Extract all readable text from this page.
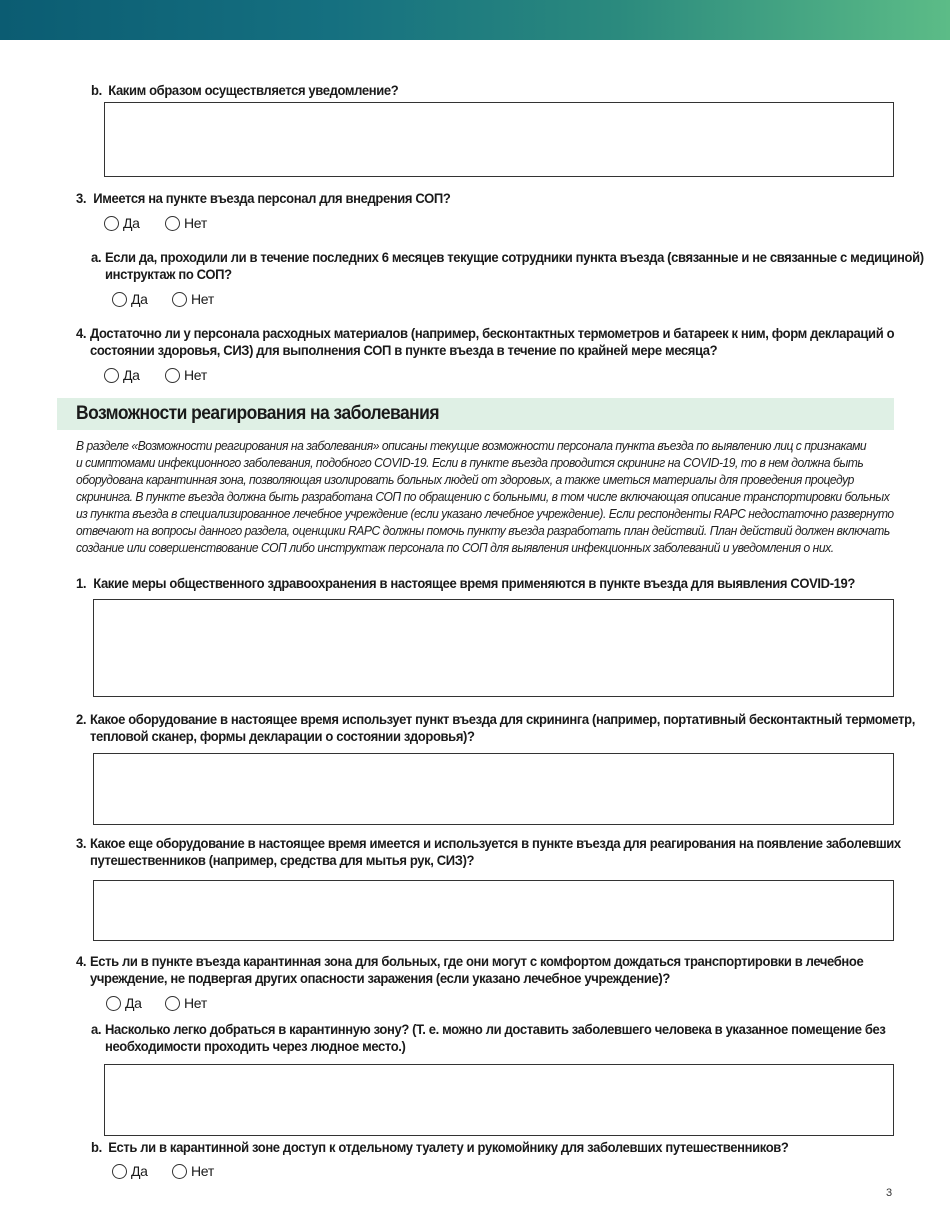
b. Каким образом осуществляется уведомление?
3. Имеется на пункте въезда персонал для внедрения СОП?
Да	Нет
a. Если да, проходили ли в течение последних 6 месяцев текущие сотрудники пункта въезда (связанные и не связанные с медициной)
инструктаж по СОП?
Да	Нет
4. Достаточно ли у персонала расходных материалов (например, бесконтактных термометров и батареек к ним, форм деклараций о
состоянии здоровья, СИЗ) для выполнения СОП в пункте въезда в течение по крайней мере месяца?
Да	Нет
Возможности реагирования на заболевания
В разделе «Возможности реагирования на заболевания» описаны текущие возможности персонала пункта въезда по выявлению лиц с признаками
и симптомами инфекционного заболевания, подобного COVID-19. Если в пункте въезда проводится скрининг на COVID-19, то в нем должна быть
оборудована карантинная зона, позволяющая изолировать больных людей от здоровых, а также иметься материалы для проведения процедур
скрининга. В пункте въезда должна быть разработана СОП по обращению с больными, в том числе включающая описание транспортировки больных
из пункта въезда в специализированное лечебное учреждение (если указано лечебное учреждение). Если респонденты RAPC недостаточно развернуто
отвечают на вопросы данного раздела, оценщики RAPC должны помочь пункту въезда разработать план действий. План действий должен включать
создание или совершенствование СОП либо инструктаж персонала по СОП для выявления инфекционных заболеваний и уведомления о них.
1. Какие меры общественного здравоохранения в настоящее время применяются в пункте въезда для выявления COVID-19?
2. Какое оборудование в настоящее время использует пункт въезда для скрининга (например, портативный бесконтактный термометр,
тепловой сканер, формы декларации о состоянии здоровья)?
3. Какое еще оборудование в настоящее время имеется и используется в пункте въезда для реагирования на появление заболевших
путешественников (например, средства для мытья рук, СИЗ)?
4. Есть ли в пункте въезда карантинная зона для больных, где они могут с комфортом дождаться транспортировки в лечебное
учреждение, не подвергая других опасности заражения (если указано лечебное учреждение)?
Да	Нет
a. Насколько легко добраться в карантинную зону? (Т. е. можно ли доставить заболевшего человека в указанное помещение без
необходимости проходить через людное место.)
b. Есть ли в карантинной зоне доступ к отдельному туалету и рукомойнику для заболевших путешественников?
Да	Нет
3
